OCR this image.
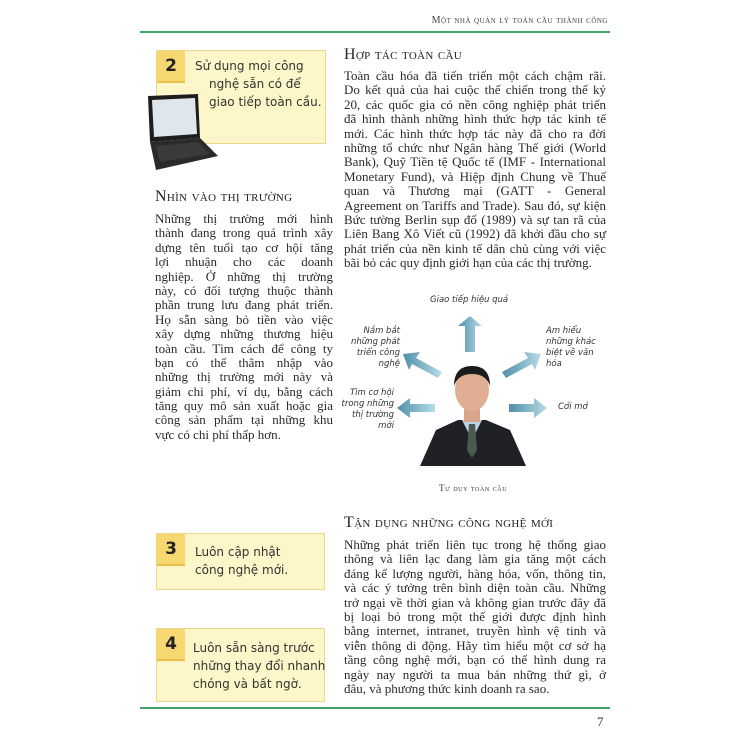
Một nhà quản lý toàn cầu thành công
2	Sử dụng mọi công
nghệ sẵn có để
giao tiếp toàn cầu.
Nhìn vào thị trường
Những thị trường mới hình
thành đang trong quá trình xây
dựng tên tuổi tạo cơ hội tăng
lợi nhuận cho các doanh
nghiệp. Ở những thị trường
này, có đối tượng thuộc thành
phần trung lưu đang phát triển.
Họ sẵn sàng bỏ tiền vào việc
xây dựng những thương hiệu
toàn cầu. Tìm cách để công ty
bạn có thể thâm nhập vào
những thị trường mới này và
giảm chi phí, ví dụ, bằng cách
tăng quy mô sản xuất hoặc gia
công sản phẩm tại những khu
vực có chi phí thấp hơn.
Hợp tác toàn cầu
Toàn cầu hóa đã tiến triển một cách chậm rãi.
Do kết quả của hai cuộc thế chiến trong thế kỷ
20, các quốc gia có nền công nghiệp phát triển
đã hình thành những hình thức hợp tác kinh tế
mới. Các hình thức hợp tác này đã cho ra đời
những tổ chức như Ngân hàng Thế giới (World
Bank), Quỹ Tiền tệ Quốc tế (IMF - International
Monetary Fund), và Hiệp định Chung về Thuế
quan và Thương mại (GATT - General
Agreement on Tariffs and Trade). Sau đó, sự kiện
Bức tường Berlin sụp đổ (1989) và sự tan rã của
Liên Bang Xô Viết cũ (1992) đã khởi đầu cho sự
phát triển của nền kinh tế dân chủ cùng với việc
bãi bỏ các quy định giới hạn của các thị trường.
Giao tiếp hiệu quả
Nắm bắt
những phát
triển công
nghệ
Am hiểu
những khác
biệt về văn
hóa
Tìm cơ hội
trong những
thị trường
mới
Cởi mở
Tư duy toàn cầu
Tận dụng những công nghệ mới
Những phát triển liên tục trong hệ thống giao
thông và liên lạc đang làm gia tăng một cách
đáng kể lượng người, hàng hóa, vốn, thông tin,
và các ý tưởng trên bình diện toàn cầu. Những
trở ngại về thời gian và không gian trước đây đã
bị loại bỏ trong một thế giới được định hình
bằng internet, intranet, truyền hình vệ tinh và
viễn thông di động. Hãy tìm hiểu một cơ sở hạ
tầng công nghệ mới, bạn có thể hình dung ra
ngày nay người ta mua bán những thứ gì, ở
đâu, và phương thức kinh doanh ra sao.
3	Luôn cập nhật
công nghệ mới.
4	Luôn sẵn sàng trước
những thay đổi nhanh
chóng và bất ngờ.
7
